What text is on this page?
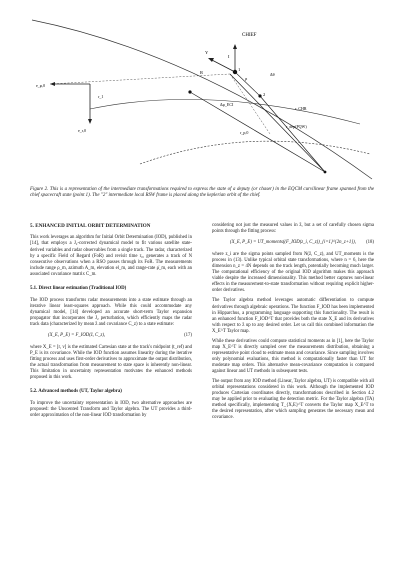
CHIEF
I
R
Y
1
2
e_φ,0
e_r,0
r_1
ρ
Δθ
Δφ_ECI
r_CHR
r_p,0
r_dep(PQW)
Figure 2. This is a representation of the intermediate transformations required to express the state of a deputy (or chaser) in the EQCM curvilinear frame spanned from the chief spacecraft state (point 1). The "2" intermediate local RSW frame is placed along the keplerian orbit of the chief.
5. ENHANCED INITIAL ORBIT DETERMINATION

This work leverages an algorithm for Initial Orbit Determination (IOD), published in [14], that employs a J₂-corrected dynamical model to fit various satellite state-derived variables and radar observables from a single track. The radar, characterized by a specific Field of Regard (FoR) and revisit time r₀, generates a track of N consecutive observations when a RSO passes through its FoR. The measurements include range ρ_m, azimuth A_m, elevation el_m, and range-rate ρ̇_m, each with an associated covariance matrix C_m.

5.1. Direct linear estimation (Traditional IOD)

The IOD process transforms radar measurements into a state estimate through an iterative linear least-squares approach. While this could accommodate any dynamical model, [14] developed an accurate short-term Taylor expansion propagator that incorporates the J₂ perturbation, which efficiently maps the radar track data (characterized by mean z̄ and covariance C_z) to a state estimate:

(X_E, P_E) = F_IOD(z̄, C_z),	(17)

where X_E = [r, v] is the estimated Cartesian state at the track's midpoint (t_ref) and P_E is its covariance. While the IOD function assumes linearity during the iterative fitting process and uses first-order derivatives to approximate the output distribution, the actual transformation from measurement to state space is inherently non-linear. This limitation in uncertainty representation motivates the enhanced methods proposed in this work.

5.2. Advanced methods (UT, Taylor algebra)

To improve the uncertainty representation in IOD, two alternative approaches are proposed: the Unscented Transform and Taylor algebra. The UT provides a third-order approximation of the non-linear IOD transformation by

considering not just the measured values in z̄, but a set of carefully chosen sigma points through the fitting process:

(X_E, P_E) = UT_moments((F_IOD(z_i, C_z))_{i=1}^{2n_z+1}), (18)

where z_i are the sigma points sampled from N(z̄, C_z), and UT_moments is the process in (13). Unlike typical orbital state transformations, where n = 6, here the dimension n_z = 4N depends on the track length, potentially becoming much larger. The computational efficiency of the original IOD algorithm makes this approach viable despite the increased dimensionality. This method better captures non-linear effects in the measurement-to-state transformation without requiring explicit higher-order derivatives.

The Taylor algebra method leverages automatic differentiation to compute derivatives through algebraic operations. The function F_IOD has been implemented in Hipparchus, a programming language supporting this functionality. The result is an enhanced function F_IOD^T that provides both the state X_E and its derivatives with respect to z̄ up to any desired order. Let us call this combined information the X_E^T Taylor map.

While these derivatives could compute statistical moments as in [1], here the Taylor map X_E^T is directly sampled over the measurements distribution, obtaining a representative point cloud to estimate mean and covariance. Since sampling involves only polynomial evaluations, this method is computationally faster than UT for moderate map orders. This alternative mean-covariance computation is compared against linear and UT methods in subsequent tests.

The output from any IOD method (Linear, Taylor algebra, UT) is compatible with all orbital representations considered in this work. Although the implemented IOD produces Cartesian coordinates directly, transformations described in Section 4.2 may be applied prior to evaluating the detection metric. For the Taylor algebra (TA) method specifically, implementing T_{X,E}^T converts the Taylor map X_E^T to the desired representation, after which sampling generates the necessary mean and covariance.
